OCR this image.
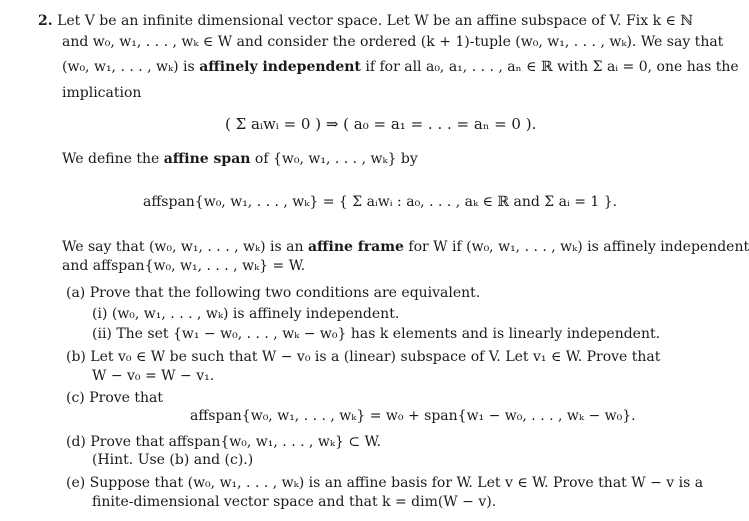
2. Let V be an infinite dimensional vector space. Let W be an affine subspace of V. Fix k ∈ ℕ
and w₀, w₁, . . . , wₖ ∈ W and consider the ordered (k + 1)-tuple (w₀, w₁, . . . , wₖ). We say that
(w₀, w₁, . . . , wₖ) is affinely independent if for all a₀, a₁, . . . , aₙ ∈ ℝ with Σ aᵢ = 0, one has the
implication
( Σ aᵢwᵢ = 0 ) ⇒ ( a₀ = a₁ = . . . = aₙ = 0 ).
We define the affine span of {w₀, w₁, . . . , wₖ} by
affspan{w₀, w₁, . . . , wₖ} = { Σ aᵢwᵢ : a₀, . . . , aₖ ∈ ℝ and Σ aᵢ = 1 }.
We say that (w₀, w₁, . . . , wₖ) is an affine frame for W if (w₀, w₁, . . . , wₖ) is affinely independent
and affspan{w₀, w₁, . . . , wₖ} = W.
(a) Prove that the following two conditions are equivalent.
(i) (w₀, w₁, . . . , wₖ) is affinely independent.
(ii) The set {w₁ − w₀, . . . , wₖ − w₀} has k elements and is linearly independent.
(b) Let v₀ ∈ W be such that W − v₀ is a (linear) subspace of V. Let v₁ ∈ W. Prove that
W − v₀ = W − v₁.
(c) Prove that
affspan{w₀, w₁, . . . , wₖ} = w₀ + span{w₁ − w₀, . . . , wₖ − w₀}.
(d) Prove that affspan{w₀, w₁, . . . , wₖ} ⊂ W.
(Hint. Use (b) and (c).)
(e) Suppose that (w₀, w₁, . . . , wₖ) is an affine basis for W. Let v ∈ W. Prove that W − v is a
finite-dimensional vector space and that k = dim(W − v).
